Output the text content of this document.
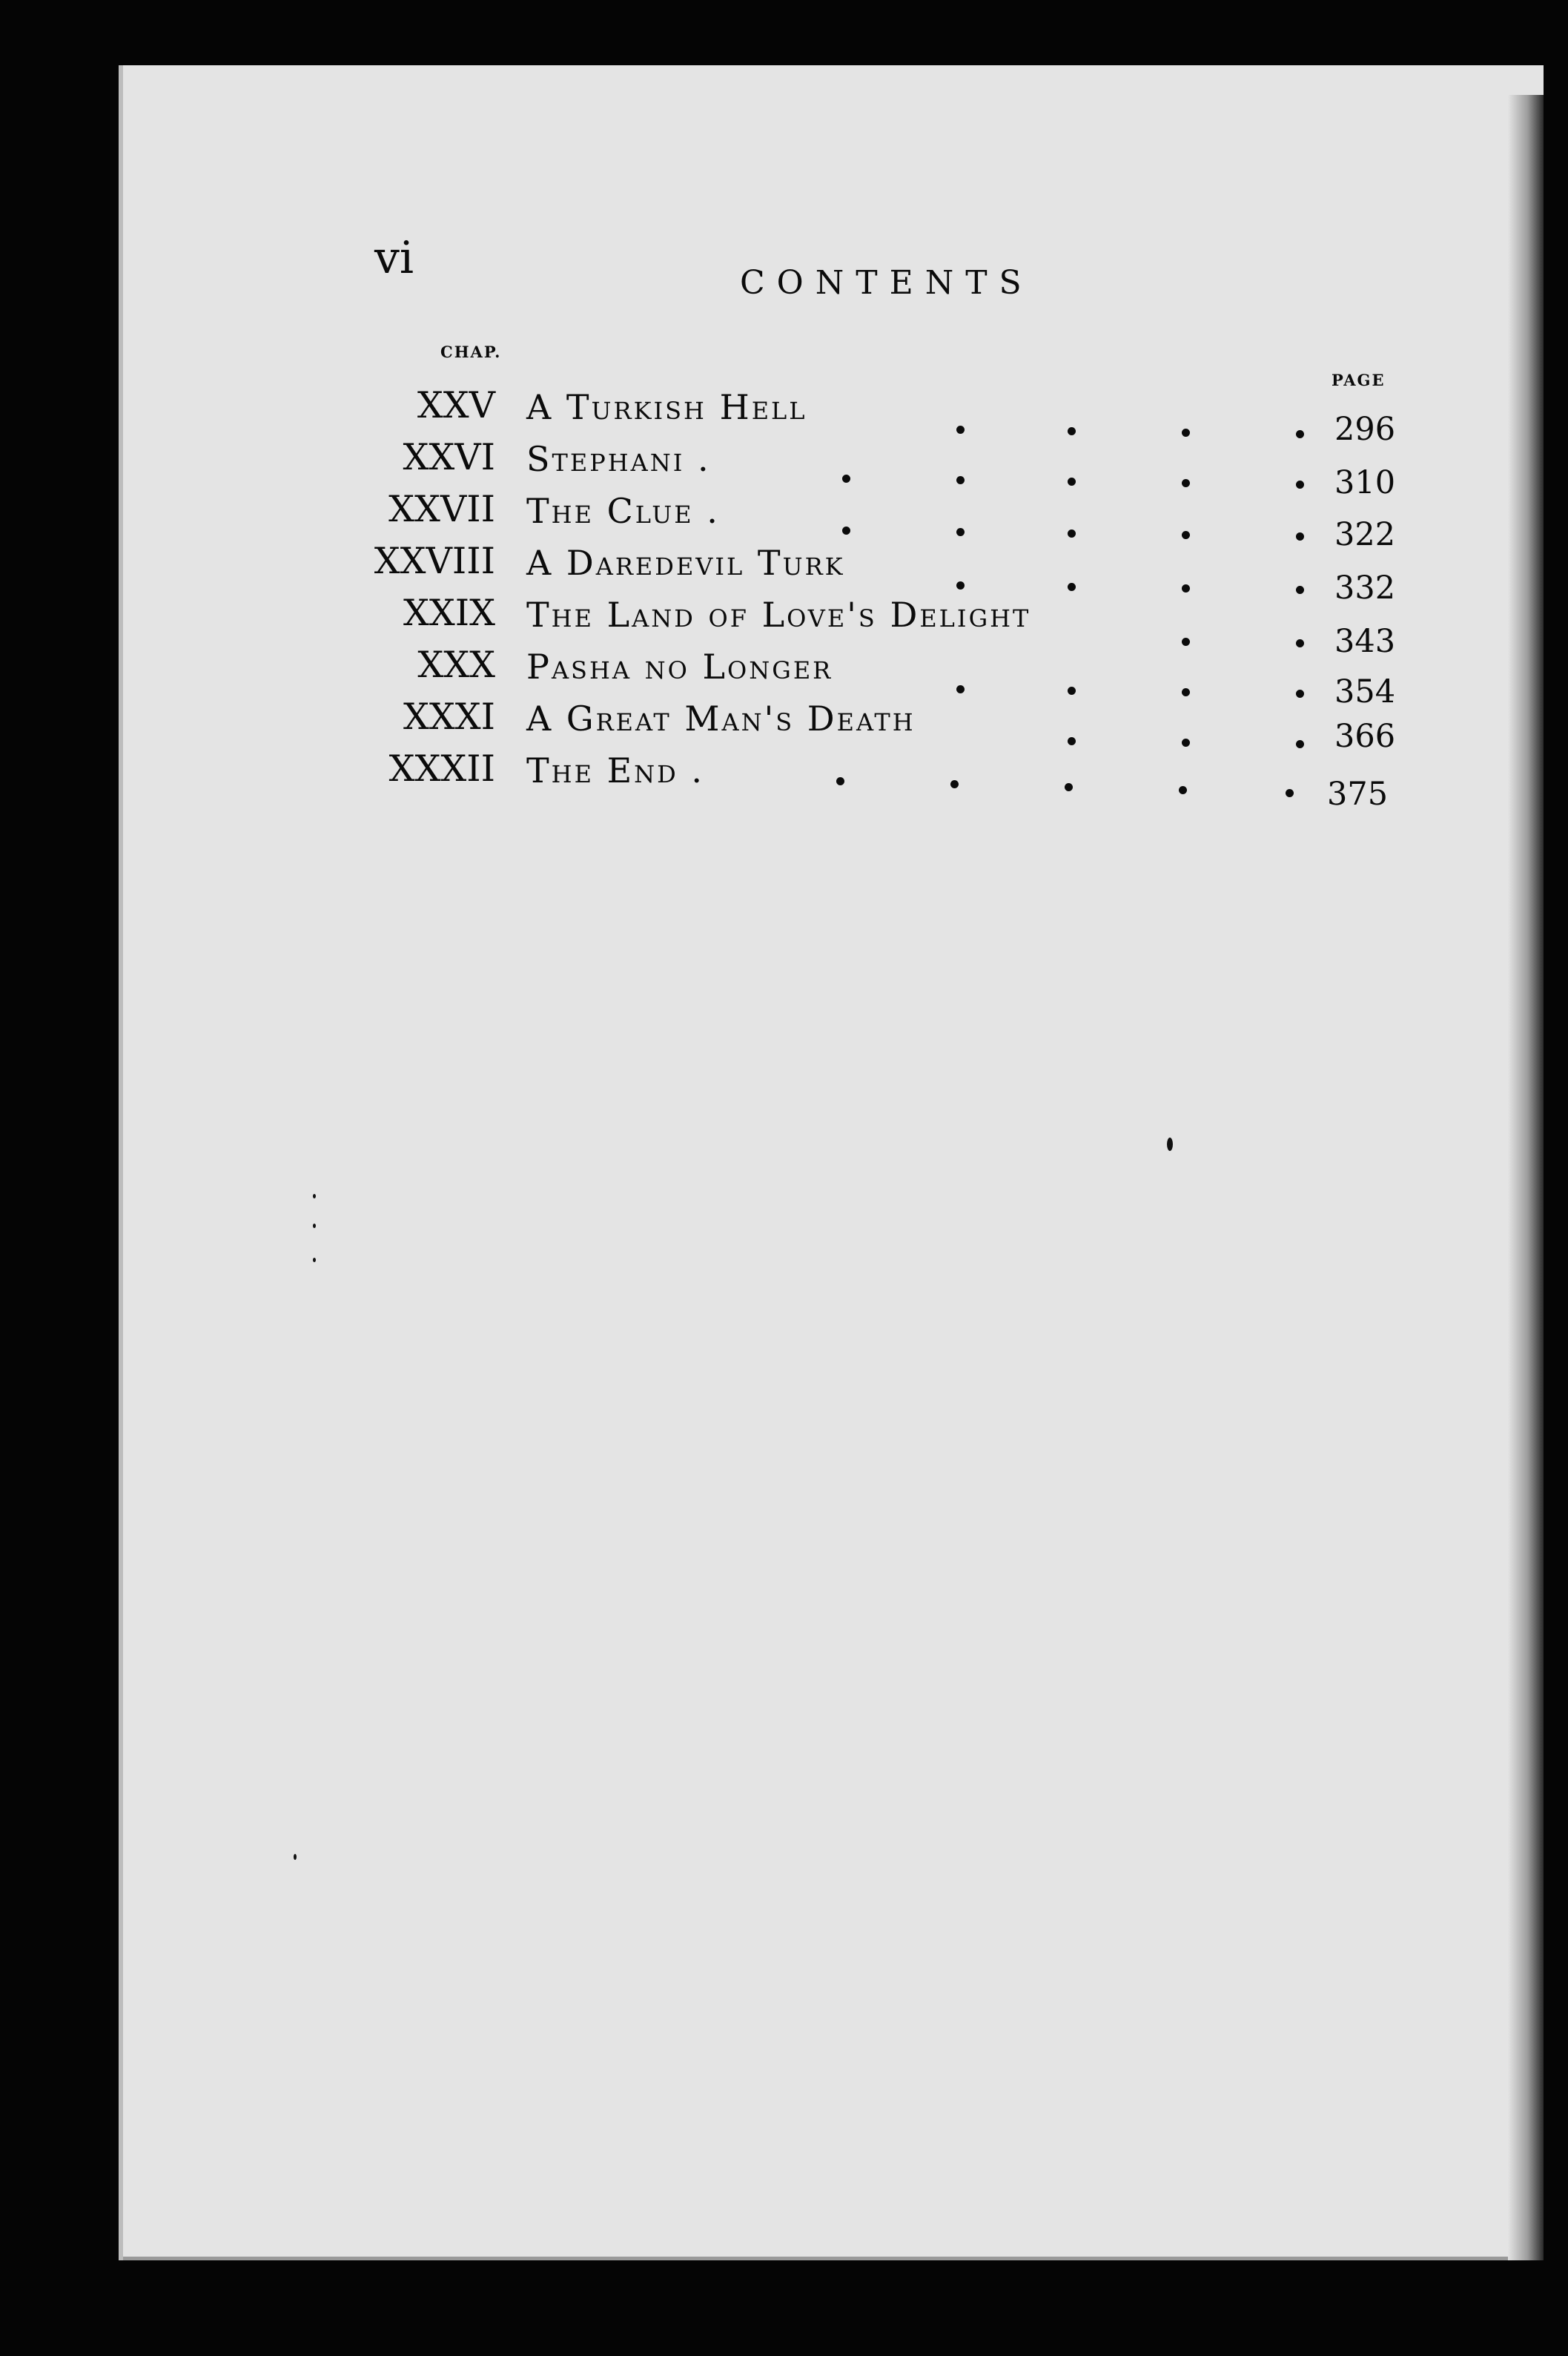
vi	CONTENTS
CHAP.
PAGE
XXV A Turkish Hell
296
XXVI Stephani .
310
XXVII The Clue .
322
XXVIII A Daredevil Turk
332
XXIX The Land of Love's Delight
343
XXX Pasha no Longer
354
XXXI A Great Man's Death	366
XXXII The End .
375
